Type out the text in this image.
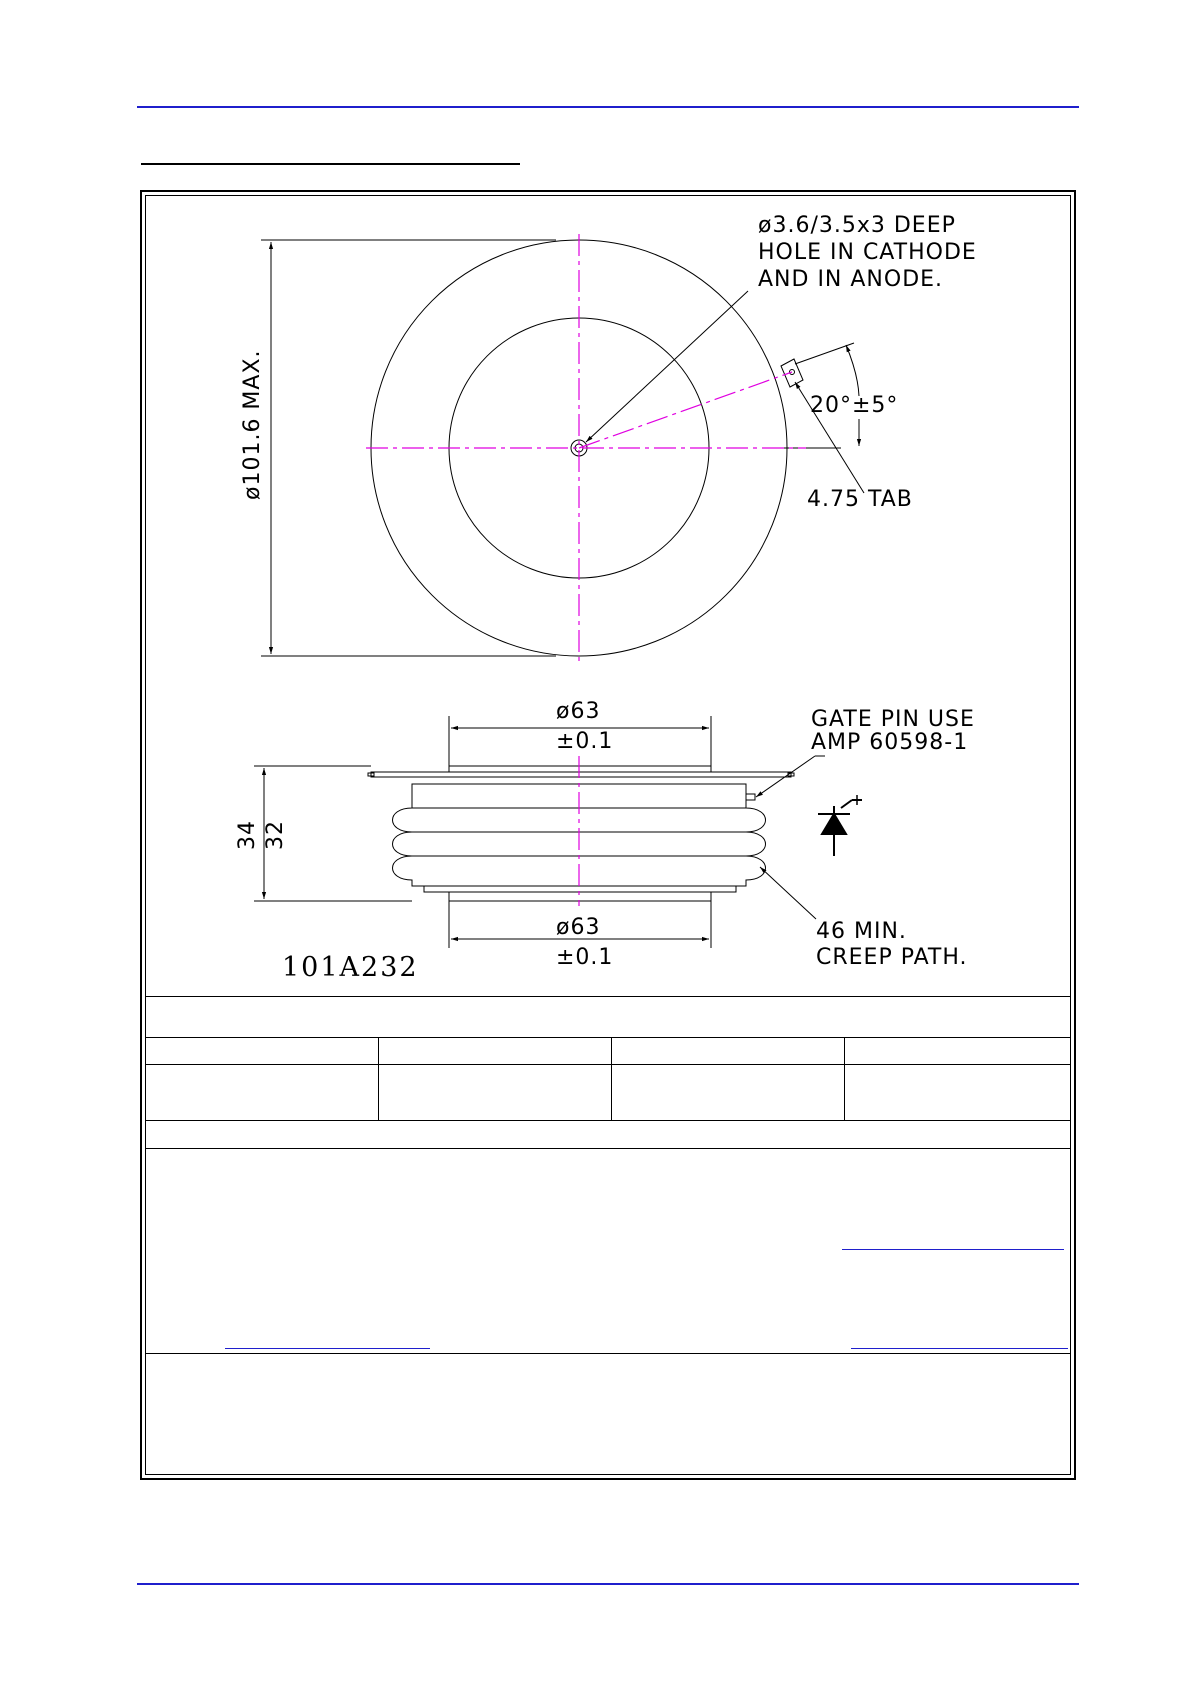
ø3.6/3.5x3 DEEP
HOLE IN CATHODE
AND IN ANODE.
20°±5°
4.75 TAB
ø101.6 MAX.
ø63
±0.1
GATE PIN USE
AMP 60598-1
34 32
ø63
±0.1
46 MIN.
CREEP PATH.
101A232
